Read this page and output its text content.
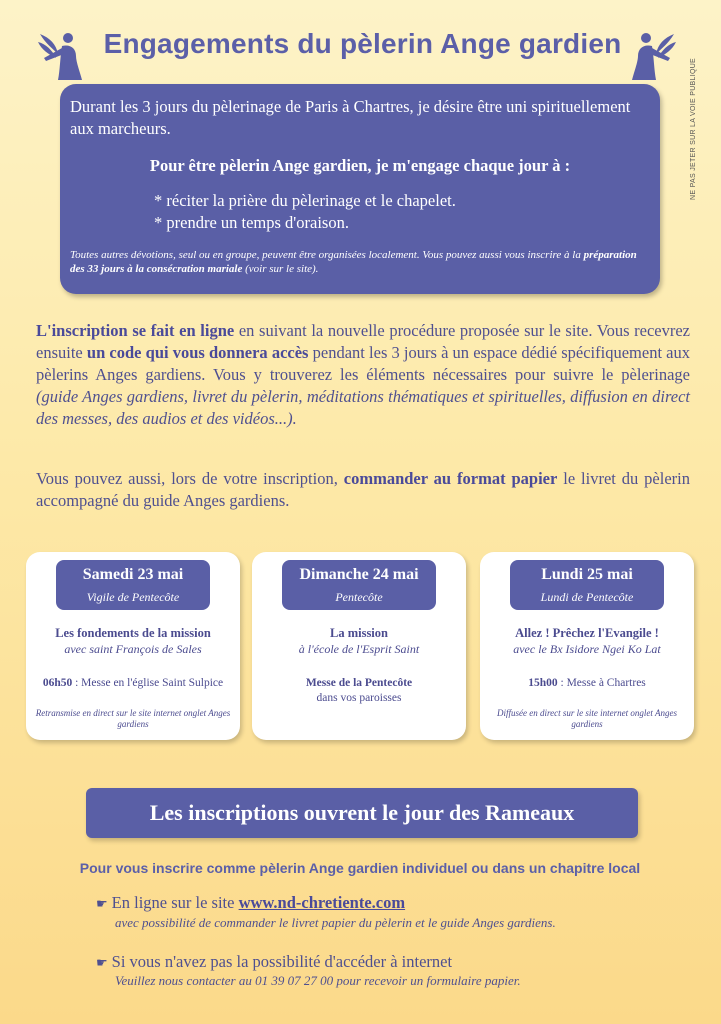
Engagements du pèlerin Ange gardien
NE PAS JETER SUR LA VOIE PUBLIQUE
Durant les 3 jours du pèlerinage de Paris à Chartres, je désire être uni spirituellement aux marcheurs.
Pour être pèlerin Ange gardien, je m'engage chaque jour à :
* réciter la prière du pèlerinage et le chapelet.
* prendre un temps d'oraison.
Toutes autres dévotions, seul ou en groupe, peuvent être organisées localement. Vous pouvez aussi vous inscrire à la préparation des 33 jours à la consécration mariale (voir sur le site).
L'inscription se fait en ligne en suivant la nouvelle procédure proposée sur le site. Vous recevrez ensuite un code qui vous donnera accès pendant les 3 jours à un espace dédié spécifiquement aux pèlerins Anges gardiens. Vous y trouverez les éléments nécessaires pour suivre le pèlerinage (guide Anges gardiens, livret du pèlerin, méditations thématiques et spirituelles, diffusion en direct des messes, des audios et des vidéos...).
Vous pouvez aussi, lors de votre inscription, commander au format papier le livret du pèlerin accompagné du guide Anges gardiens.
Samedi 23 mai
Vigile de Pentecôte
Les fondements de la mission
avec saint François de Sales
06h50 : Messe en l'église Saint Sulpice
Retransmise en direct sur le site internet onglet Anges gardiens
Dimanche 24 mai
Pentecôte
La mission
à l'école de l'Esprit Saint
Messe de la Pentecôte
dans vos paroisses
Lundi 25 mai
Lundi de Pentecôte
Allez ! Prêchez l'Evangile !
avec le Bx Isidore Ngei Ko Lat
15h00 : Messe à Chartres
Diffusée en direct sur le site internet onglet Anges gardiens
Les inscriptions ouvrent le jour des Rameaux
Pour vous inscrire comme pèlerin Ange gardien individuel ou dans un chapitre local
☛ En ligne sur le site www.nd-chretiente.com
avec possibilité de commander le livret papier du pèlerin et le guide Anges gardiens.
☛ Si vous n'avez pas la possibilité d'accéder à internet
Veuillez nous contacter au 01 39 07 27 00 pour recevoir un formulaire papier.
